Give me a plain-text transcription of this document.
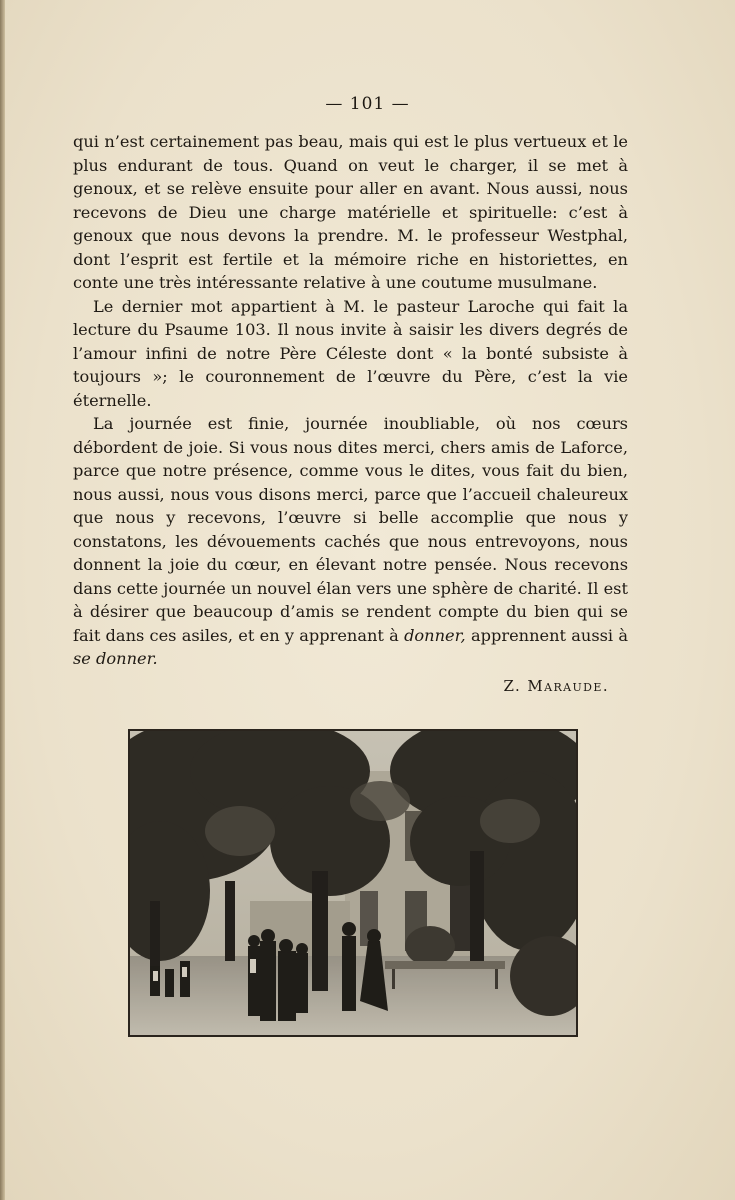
— 101 —

qui n’est certainement pas beau, mais qui est le plus vertueux et le plus endurant de tous. Quand on veut le charger, il se met à genoux, et se relève ensuite pour aller en avant. Nous aussi, nous recevons de Dieu une charge matérielle et spirituelle: c’est à genoux que nous devons la prendre. M. le professeur Westphal, dont l’esprit est fertile et la mémoire riche en historiettes, en conte une très intéressante relative à une coutume musulmane.

Le dernier mot appartient à M. le pasteur Laroche qui fait la lecture du Psaume 103. Il nous invite à saisir les divers degrés de l’amour infini de notre Père Céleste dont « la bonté subsiste à toujours »; le couronnement de l’œuvre du Père, c’est la vie éternelle.

La journée est finie, journée inoubliable, où nos cœurs débordent de joie. Si vous nous dites merci, chers amis de Laforce, parce que notre présence, comme vous le dites, vous fait du bien, nous aussi, nous vous disons merci, parce que l’accueil chaleureux que nous y recevons, l’œuvre si belle accomplie que nous y constatons, les dévouements cachés que nous entrevoyons, nous donnent la joie du cœur, en élevant notre pensée. Nous recevons dans cette journée un nouvel élan vers une sphère de charité. Il est à désirer que beaucoup d’amis se rendent compte du bien qui se fait dans ces asiles, et en y apprenant à donner, apprennent aussi à se donner.

Z. Maraude.
